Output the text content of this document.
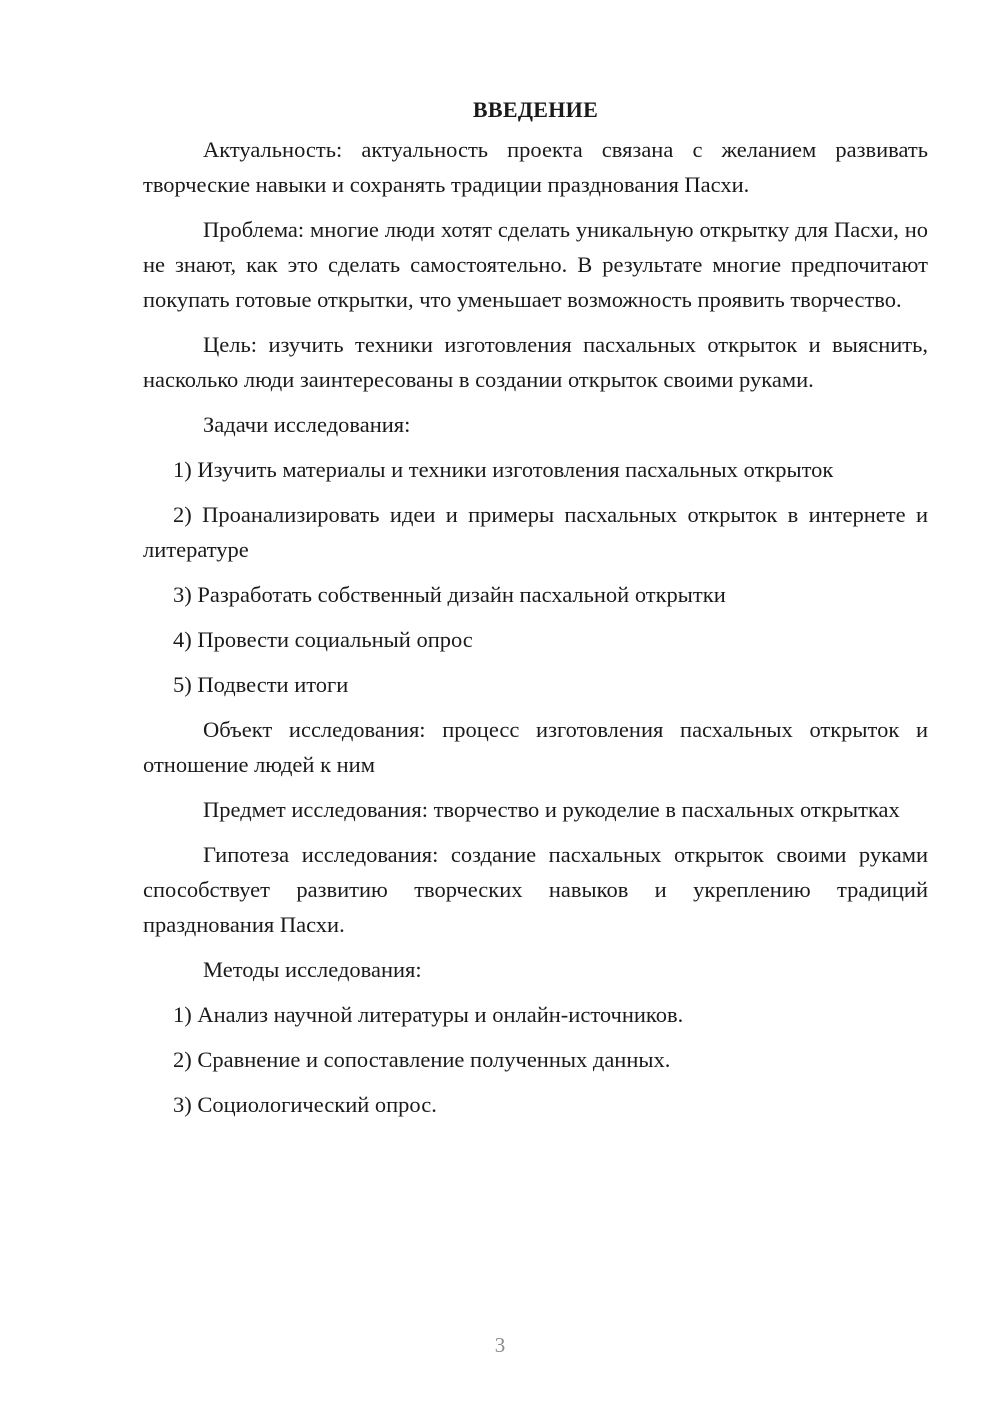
ВВЕДЕНИЕ

Актуальность: актуальность проекта связана с желанием развивать творческие навыки и сохранять традиции празднования Пасхи.

Проблема: многие люди хотят сделать уникальную открытку для Пасхи, но не знают, как это сделать самостоятельно. В результате многие предпочитают покупать готовые открытки, что уменьшает возможность проявить творчество.

Цель: изучить техники изготовления пасхальных открыток и выяснить, насколько люди заинтересованы в создании открыток своими руками.

Задачи исследования:

1) Изучить материалы и техники изготовления пасхальных открыток

2) Проанализировать идеи и примеры пасхальных открыток в интернете и литературе

3) Разработать собственный дизайн пасхальной открытки

4) Провести социальный опрос

5) Подвести итоги

Объект исследования: процесс изготовления пасхальных открыток и отношение людей к ним

Предмет исследования: творчество и рукоделие в пасхальных открытках

Гипотеза исследования: создание пасхальных открыток своими руками способствует развитию творческих навыков и укреплению традиций празднования Пасхи.

Методы исследования:

1) Анализ научной литературы и онлайн-источников.

2) Сравнение и сопоставление полученных данных.

3) Социологический опрос.

3
